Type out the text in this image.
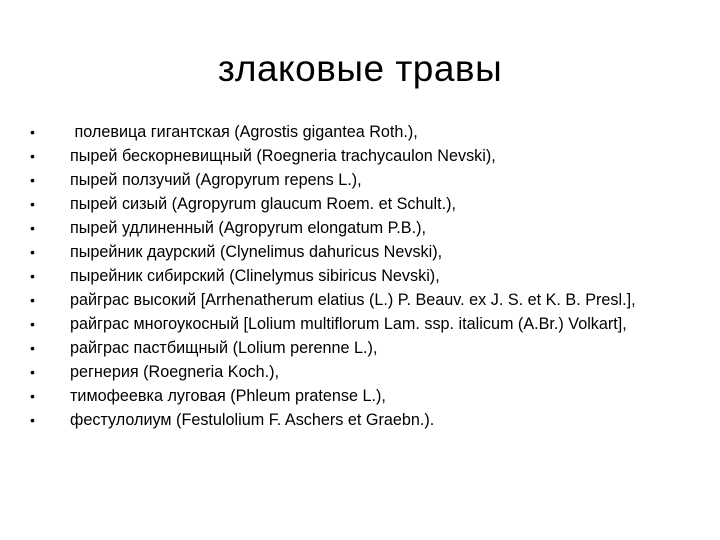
злаковые травы
• полевица гигантская (Agrostis gigantea Roth.),
• пырей бескорневищный (Roegneria trachycaulon Nevski),
• пырей ползучий (Agropyrum repens L.),
• пырей сизый (Agropyrum glaucum Roem. et Schult.),
• пырей удлиненный (Agropyrum elongatum P.B.),
• пырейник даурский (Clynelimus dahuricus Nevski),
• пырейник сибирский (Clinelymus sibiricus Nevski),
• райграс высокий [Arrhenatherum elatius (L.) P. Beauv. ex J. S. et K. B. Presl.],
• райграс многоукосный [Lolium multiflorum Lam. ssp. italicum (A.Br.) Volkart],
• райграс пастбищный (Lolium perenne L.),
• регнерия (Roegneria Koch.),
• тимофеевка луговая (Phleum pratense L.),
• фестулолиум (Festulolium F. Aschers et Graebn.).
